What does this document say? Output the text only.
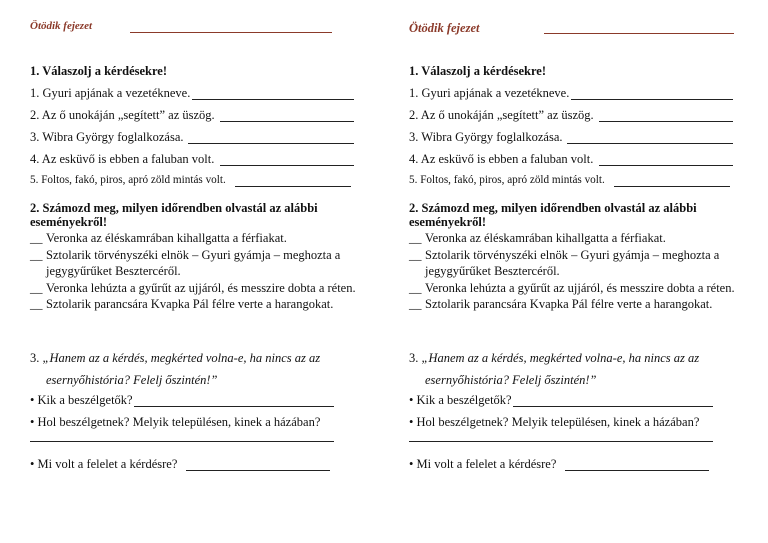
Ötödik fejezet
1. Válaszolj a kérdésekre!
1. Gyuri apjának a vezetékneve.
2. Az ő unokáján „segített” az üszög.
3. Wibra György foglalkozása.
4. Az esküvő is ebben a faluban volt.
5. Foltos, fakó, piros, apró zöld mintás volt.
2. Számozd meg, milyen időrendben olvastál az alábbi eseményekről!
__ Veronka az éléskamrában kihallgatta a férfiakat.
__ Sztolarik törvényszéki elnök – Gyuri gyámja – meghozta a jegygyűrűket Besztercéről.
__ Veronka lehúzta a gyűrűt az ujjáról, és messzire dobta a réten.
__ Sztolarik parancsára Kvapka Pál félre verte a harangokat.
3. „Hanem az a kérdés, megkérted volna-e, ha nincs az az
esernyőhistória? Felelj őszintén!”
• Kik a beszélgetők?
• Hol beszélgetnek? Melyik településen, kinek a házában?
• Mi volt a felelet a kérdésre?
Ötödik fejezet
1. Válaszolj a kérdésekre!
1. Gyuri apjának a vezetékneve.
2. Az ő unokáján „segített” az üszög.
3. Wibra György foglalkozása.
4. Az esküvő is ebben a faluban volt.
5. Foltos, fakó, piros, apró zöld mintás volt.
2. Számozd meg, milyen időrendben olvastál az alábbi eseményekről!
__ Veronka az éléskamrában kihallgatta a férfiakat.
__ Sztolarik törvényszéki elnök – Gyuri gyámja – meghozta a jegygyűrűket Besztercéről.
__ Veronka lehúzta a gyűrűt az ujjáról, és messzire dobta a réten.
__ Sztolarik parancsára Kvapka Pál félre verte a harangokat.
3. „Hanem az a kérdés, megkérted volna-e, ha nincs az az
esernyőhistória? Felelj őszintén!”
• Kik a beszélgetők?
• Hol beszélgetnek? Melyik településen, kinek a házában?
• Mi volt a felelet a kérdésre?
